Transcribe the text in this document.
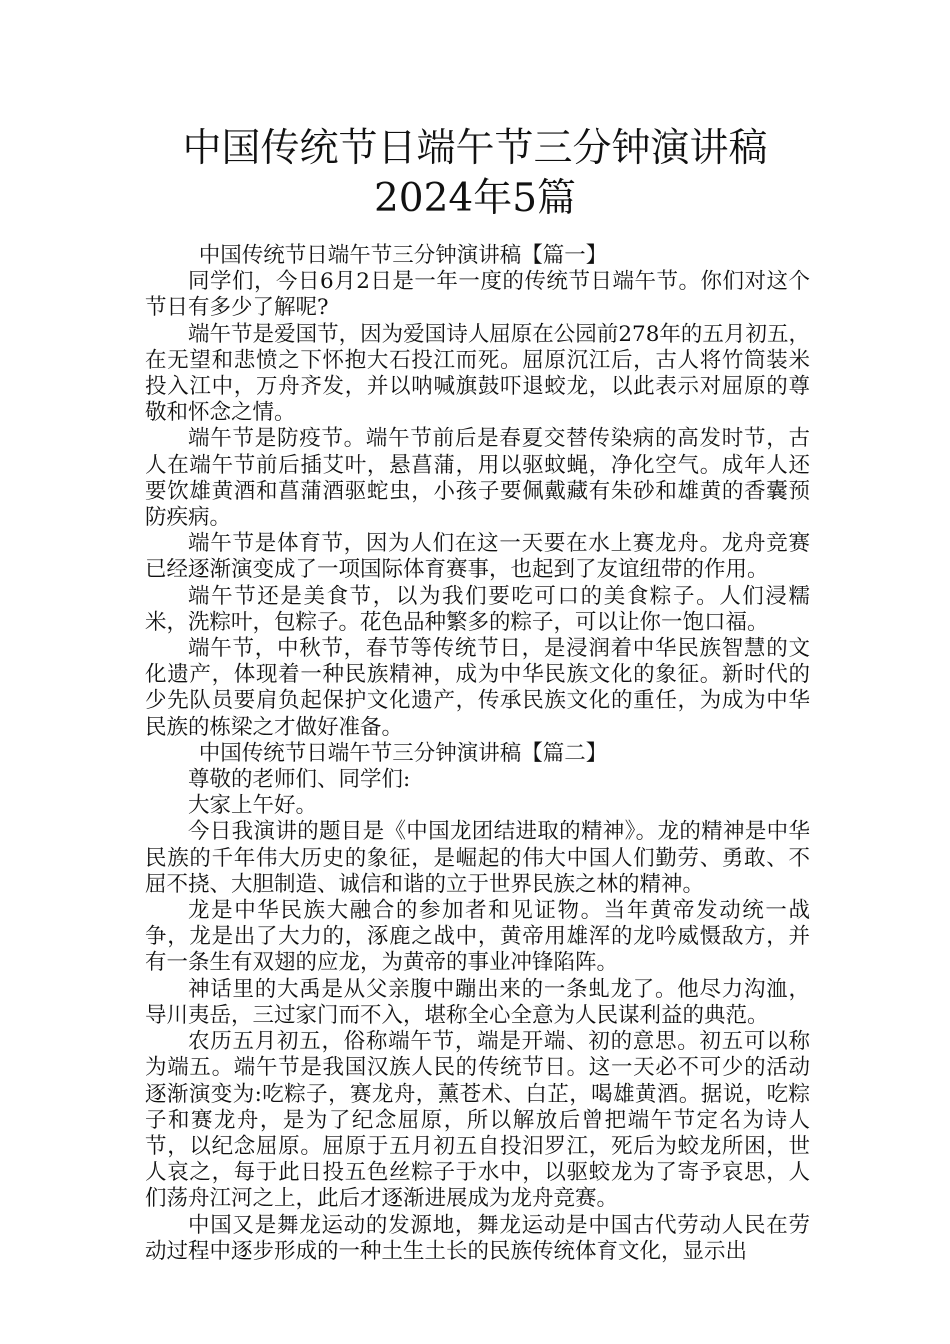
中国传统节日端午节三分钟演讲稿2024年5篇

中国传统节日端午节三分钟演讲稿【篇一】

同学们，今日6月2日是一年一度的传统节日端午节。你们对这个节日有多少了解呢?

端午节是爱国节，因为爱国诗人屈原在公园前278年的五月初五，在无望和悲愤之下怀抱大石投江而死。屈原沉江后，古人将竹筒装米投入江中，万舟齐发，并以呐喊旗鼓吓退蛟龙，以此表示对屈原的尊敬和怀念之情。

端午节是防疫节。端午节前后是春夏交替传染病的高发时节，古人在端午节前后插艾叶，悬菖蒲，用以驱蚊蝇，净化空气。成年人还要饮雄黄酒和菖蒲酒驱蛇虫，小孩子要佩戴藏有朱砂和雄黄的香囊预防疾病。

端午节是体育节，因为人们在这一天要在水上赛龙舟。龙舟竞赛已经逐渐演变成了一项国际体育赛事，也起到了友谊纽带的作用。

端午节还是美食节，以为我们要吃可口的美食粽子。人们浸糯米，洗粽叶，包粽子。花色品种繁多的粽子，可以让你一饱口福。

端午节，中秋节，春节等传统节日，是浸润着中华民族智慧的文化遗产，体现着一种民族精神，成为中华民族文化的象征。新时代的少先队员要肩负起保护文化遗产，传承民族文化的重任，为成为中华民族的栋梁之才做好准备。

中国传统节日端午节三分钟演讲稿【篇二】

尊敬的老师们、同学们:

大家上午好。

今日我演讲的题目是《中国龙团结进取的精神》。龙的精神是中华民族的千年伟大历史的象征，是崛起的伟大中国人们勤劳、勇敢、不屈不挠、大胆制造、诚信和谐的立于世界民族之林的精神。

龙是中华民族大融合的参加者和见证物。当年黄帝发动统一战争，龙是出了大力的，涿鹿之战中，黄帝用雄浑的龙吟威慑敌方，并有一条生有双翅的应龙，为黄帝的事业冲锋陷阵。

神话里的大禹是从父亲腹中蹦出来的一条虬龙了。他尽力沟洫，导川夷岳，三过家门而不入，堪称全心全意为人民谋利益的典范。

农历五月初五，俗称端午节，端是开端、初的意思。初五可以称为端五。端午节是我国汉族人民的传统节日。这一天必不可少的活动逐渐演变为:吃粽子，赛龙舟，薰苍术、白芷，喝雄黄酒。据说，吃粽子和赛龙舟，是为了纪念屈原，所以解放后曾把端午节定名为诗人节，以纪念屈原。屈原于五月初五自投汨罗江，死后为蛟龙所困，世人哀之，每于此日投五色丝粽子于水中，以驱蛟龙为了寄予哀思，人们荡舟江河之上，此后才逐渐进展成为龙舟竞赛。

中国又是舞龙运动的发源地，舞龙运动是中国古代劳动人民在劳动过程中逐步形成的一种土生土长的民族传统体育文化，显示出
